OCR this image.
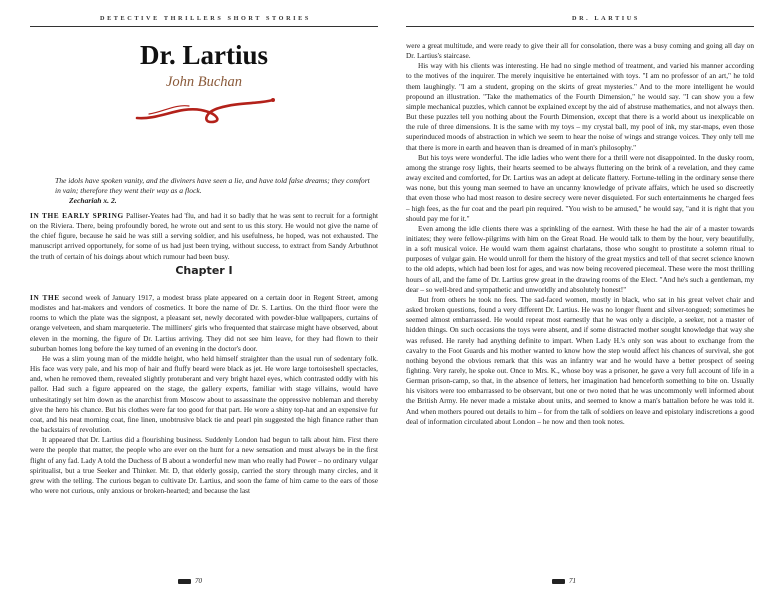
DETECTIVE THRILLERS SHORT STORIES
Dr. Lartius
John Buchan
The idols have spoken vanity, and the diviners have seen a lie, and have told false dreams; they comfort in vain; therefore they went their way as a flock.
Zechariah x. 2.

IN THE EARLY SPRING Palliser-Yeates had 'flu, and had it so badly that he was sent to recruit for a fortnight on the Riviera. There, being profoundly bored, he wrote out and sent to us this story. He would not give the name of the chief figure, because he said he was still a serving soldier, and his usefulness, he hoped, was not exhausted. The manuscript arrived opportunely, for some of us had just been trying, without success, to extract from Sandy Arbuthnot the truth of certain of his doings about which rumour had been busy.

Chapter I

IN THE second week of January 1917, a modest brass plate appeared on a certain door in Regent Street, among modistes and hat-makers and vendors of cosmetics. It bore the name of Dr. S. Lartius. On the third floor were the rooms to which the plate was the signpost, a pleasant set, newly decorated with powder-blue wallpapers, curtains of orange velveteen, and sham marqueterie. The milliners' girls who frequented that staircase might have observed, about eleven in the morning, the figure of Dr. Lartius arriving. They did not see him leave, for they had flown to their suburban homes long before the key turned of an evening in the doctor's door.

He was a slim young man of the middle height, who held himself straighter than the usual run of sedentary folk. His face was very pale, and his mop of hair and fluffy beard were black as jet. He wore large tortoiseshell spectacles, and, when he removed them, revealed slightly protuberant and very bright hazel eyes, which contrasted oddly with his pallor. Had such a figure appeared on the stage, the gallery experts, familiar with stage villains, would have unhesitatingly set him down as the anarchist from Moscow about to assassinate the oppressive nobleman and thereby give the hero his chance. But his clothes were far too good for that part. He wore a shiny top-hat and an expensive fur coat, and his neat morning coat, fine linen, unobtrusive black tie and pearl pin suggested the high finance rather than the backstairs of revolution.

It appeared that Dr. Lartius did a flourishing business. Suddenly London had begun to talk about him. First there were the people that matter, the people who are ever on the hunt for a new sensation and must always be in the first flight of any fad. Lady A told the Duchess of B about a wonderful new man who really had Power – no ordinary vulgar spiritualist, but a true Seeker and Thinker. Mr. D, that elderly gossip, carried the story through many circles, and it grew with the telling. The curious began to cultivate Dr. Lartius, and soon the fame of him came to the ears of those who were not curious, only anxious or broken-hearted; and because the last

70
DR. LARTIUS

were a great multitude, and were ready to give their all for consolation, there was a busy coming and going all day on Dr. Lartius's staircase.

His way with his clients was interesting. He had no single method of treatment, and varied his manner according to the motives of the inquirer. The merely inquisitive he entertained with toys. "I am no professor of an art," he told them laughingly. "I am a student, groping on the skirts of great mysteries." And to the more intelligent he would propound an illustration. "Take the mathematics of the Fourth Dimension," he would say. "I can show you a few simple mechanical puzzles, which cannot be explained except by the aid of abstruse mathematics, and not always then. But these puzzles tell you nothing about the Fourth Dimension, except that there is a world about us inexplicable on the rule of three dimensions. It is the same with my toys – my crystal ball, my pool of ink, my star-maps, even those superinduced moods of abstraction in which we seem to hear the noise of wings and strange voices. They only tell me that there is more in earth and heaven than is dreamed of in man's philosophy."

But his toys were wonderful. The idle ladies who went there for a thrill were not disappointed. In the dusky room, among the strange rosy lights, their hearts seemed to be always fluttering on the brink of a revelation, and they came away excited and comforted, for Dr. Lartius was an adept at delicate flattery. Fortune-telling in the ordinary sense there was none, but this young man seemed to have an uncanny knowledge of private affairs, which he used so discreetly that even those who had most reason to desire secrecy were never disquieted. For such entertainments he charged fees – high fees, as the fur coat and the pearl pin required. "You wish to be amused," he would say, "and it is right that you should pay me for it."

Even among the idle clients there was a sprinkling of the earnest. With these he had the air of a master towards initiates; they were fellow-pilgrims with him on the Great Road. He would talk to them by the hour, very beautifully, in a soft musical voice. He would warn them against charlatans, those who sought to prostitute a solemn ritual to purposes of vulgar gain. He would unroll for them the history of the great mystics and tell of that secret science known to the old adepts, which had been lost for ages, and was now being recovered piecemeal. These were the most thrilling hours of all, and the fame of Dr. Lartius grew great in the drawing rooms of the Elect. "And he's such a gentleman, my dear – so well-bred and sympathetic and unworldly and absolutely honest!"

But from others he took no fees. The sad-faced women, mostly in black, who sat in his great velvet chair and asked broken questions, found a very different Dr. Lartius. He was no longer fluent and silver-tongued; sometimes he seemed almost embarrassed. He would repeat most earnestly that he was only a disciple, a seeker, not a master of hidden things. On such occasions the toys were absent, and if some distracted mother sought knowledge that way she was refused. He rarely had anything definite to impart. When Lady H.'s only son was about to exchange from the cavalry to the Foot Guards and his mother wanted to know how the step would affect his chances of survival, she got nothing beyond the obvious remark that this was an infantry war and he would have a better prospect of seeing fighting. Very rarely, he spoke out. Once to Mrs. K., whose boy was a prisoner, he gave a very full account of life in a German prison-camp, so that, in the absence of letters, her imagination had henceforth something to bite on. Usually his visitors were too embarrassed to be observant, but one or two noted that he was uncommonly well informed about the British Army. He never made a mistake about units, and seemed to know a man's battalion before he was told it. And when mothers poured out details to him – for from the talk of soldiers on leave and epistolary indiscretions a good deal of information circulated about London – he now and then took notes.

71
